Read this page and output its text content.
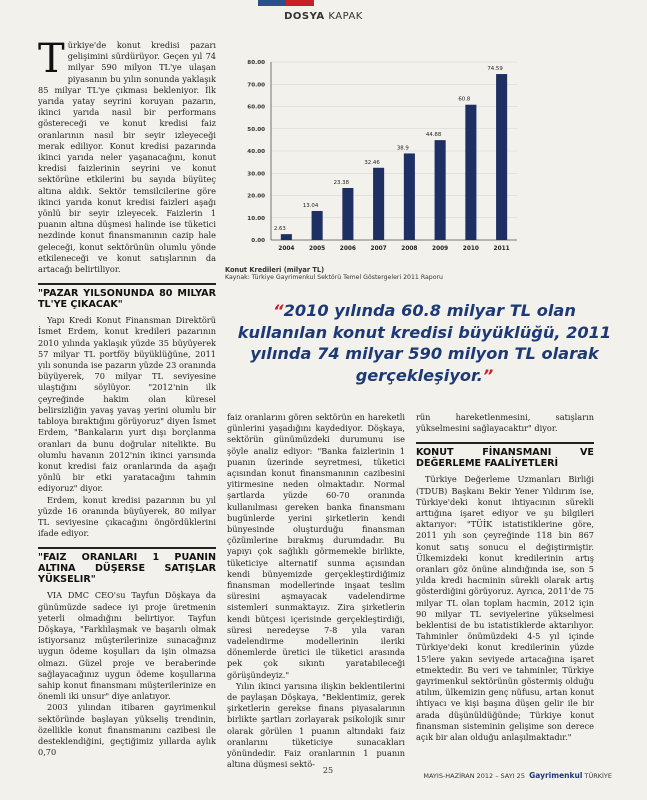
DOSYA KAPAK

Türkiye'de konut kredisi pazarı gelişimini sürdürüyor. Geçen yıl 74 milyar 590 milyon TL'ye ulaşan piyasanın bu yılın sonunda yaklaşık 85 milyar TL'ye çıkması bekleniyor. İlk yarıda yatay seyrini koruyan pazarın, ikinci yarıda nasıl bir performans göstereceği ve konut kredisi faiz oranlarının nasıl bir seyir izleyeceği merak ediliyor. Konut kredisi pazarında ikinci yarıda neler yaşanacağını, konut kredisi faizlerinin seyrini ve konut sektörüne etkilerini bu sayıda büyüteç altına aldık. Sektör temsilcilerine göre ikinci yarıda konut kredisi faizleri aşağı yönlü bir seyir izleyecek. Faizlerin 1 puanın altına düşmesi halinde ise tüketici nezdinde konut finansmanının cazip hale geleceği, konut sektörünün olumlu yönde etkileneceği ve konut satışlarının da artacağı belirtiliyor.

"PAZAR YILSONUNDA 80 MILYAR TL'YE ÇIKACAK"

Yapı Kredi Konut Finansman Direktörü İsmet Erdem, konut kredileri pazarının 2010 yılında yaklaşık yüzde 35 büyüyerek 57 milyar TL portföy büyüklüğüne, 2011 yılı sonunda ise pazarın yüzde 23 oranında büyüyerek, 70 milyar TL seviyesine ulaştığını söylüyor. "2012'nin ilk çeyreğinde hakim olan küresel belirsizliğin yavaş yavaş yerini olumlu bir tabloya bıraktığını görüyoruz" diyen İsmet Erdem, "Bankaların yurt dışı borçlanma oranları da bunu doğrular nitelikte. Bu olumlu havanın 2012'nin ikinci yarısında konut kredisi faiz oranlarında da aşağı yönlü bir etki yaratacağını tahmin ediyoruz" diyor.

Erdem, konut kredisi pazarının bu yıl yüzde 16 oranında büyüyerek, 80 milyar TL seviyesine çıkacağını öngördüklerini ifade ediyor.

"FAIZ ORANLARI 1 PUANIN ALTINA DÜŞERSE SATIŞLAR YÜKSELIR"

VIA DMC CEO'su Tayfun Döşkaya da günümüzde sadece iyi proje üretmenin yeterli olmadığını belirtiyor. Tayfun Döşkaya, "Farklılaşmak ve başarılı olmak istiyorsanız müşterilerinize sunacağınız uygun ödeme koşulları da işin olmazsa olmazı. Güzel proje ve beraberinde sağlayacağınız uygun ödeme koşullarına sahip konut finansmanı müşterilerinize en önemli iki unsur" diye anlatıyor.

2003 yılından itibaren gayrimenkul sektöründe başlayan yükseliş trendinin, özellikle konut finansmanını cazibesi ile desteklendiğini, geçtiğimiz yıllarda aylık 0,70

0.00
10.00
20.00
30.00
40.00
50.00
60.00
70.00
80.00
2.63
2004
13.04
2005
23.38
2006
32.46
2007
38.9
2008
44.88
2009
60.8
2010
74.59
2011
Konut Kredileri (milyar TL)
Kaynak: Türkiye Gayrimenkul Sektörü Temel Göstergeleri 2011 Raporu
“2010 yılında 60.8 milyar TL olan kullanılan konut kredisi büyüklüğü, 2011 yılında 74 milyar 590 milyon TL olarak gerçekleşiyor.”

faiz oranlarını gören sektörün en hareketli günlerini yaşadığını kaydediyor. Döşkaya, sektörün günümüzdeki durumunu ise şöyle analiz ediyor: "Banka faizlerinin 1 puanın üzerinde seyretmesi, tüketici açısından konut finansmanının cazibesini yitirmesine neden olmaktadır. Normal şartlarda yüzde 60-70 oranında kullanılması gereken banka finansmanı bugünlerde yerini şirketlerin kendi bünyesinde oluşturduğu finansman çözümlerine bırakmış durumdadır. Bu yapıyı çok sağlıklı görmemekle birlikte, tüketiciye alternatif sunma açısından kendi bünyemizde gerçekleştirdiğimiz finansman modellerinde inşaat teslim süresini aşmayacak vadelendirme sistemleri sunmaktayız. Zira şirketlerin kendi bütçesi içerisinde gerçekleştirdiği, süresi neredeyse 7-8 yıla varan vadelendirme modellerinin ileriki dönemlerde üretici ile tüketici arasında pek çok sıkıntı yaratabileceği görüşündeyiz."

Yılın ikinci yarısına ilişkin beklentilerini de paylaşan Döşkaya, "Beklentimiz, gerek şirketlerin gerekse finans piyasalarının birlikte şartları zorlayarak psikolojik sınır olarak görülen 1 puanın altındaki faiz oranlarını tüketiciye sunacakları yönündedir. Faiz oranlarının 1 puanın altına düşmesi sektö-

rün hareketlenmesini, satışların yükselmesini sağlayacaktır" diyor.

KONUT FİNANSMANI VE DEĞERLEME FAALİYETLERİ

Türkiye Değerleme Uzmanları Birliği (TDUB) Başkanı Bekir Yener Yıldırım ise, Türkiye'deki konut ihtiyacının sürekli arttığına işaret ediyor ve şu bilgileri aktarıyor: "TÜİK istatistiklerine göre, 2011 yılı son çeyreğinde 118 bin 867 konut satış sonucu el değiştirmiştir. Ülkemizdeki konut kredilerinin artış oranları göz önüne alındığında ise, son 5 yılda kredi hacminin sürekli olarak artış gösterdiğini görüyoruz. Ayrıca, 2011'de 75 milyar TL olan toplam hacmin, 2012 için 90 milyar TL seviyelerine yükselmesi beklentisi de bu istatistiklerde aktarılıyor. Tahminler önümüzdeki 4-5 yıl içinde Türkiye'deki konut kredilerinin yüzde 15'lere yakın seviyede artacağına işaret etmektedir. Bu veri ve tahminler, Türkiye gayrimenkul sektörünün göstermiş olduğu atılım, ülkemizin genç nüfusu, artan konut ihtiyacı ve kişi başına düşen gelir ile bir arada düşünüldüğünde; Türkiye konut finansman sisteminin gelişime son derece açık bir alan olduğu anlaşılmaktadır."

25
MAYIS-HAZİRAN 2012 – SAYI 25 Gayrimenkul TÜRKİYE
